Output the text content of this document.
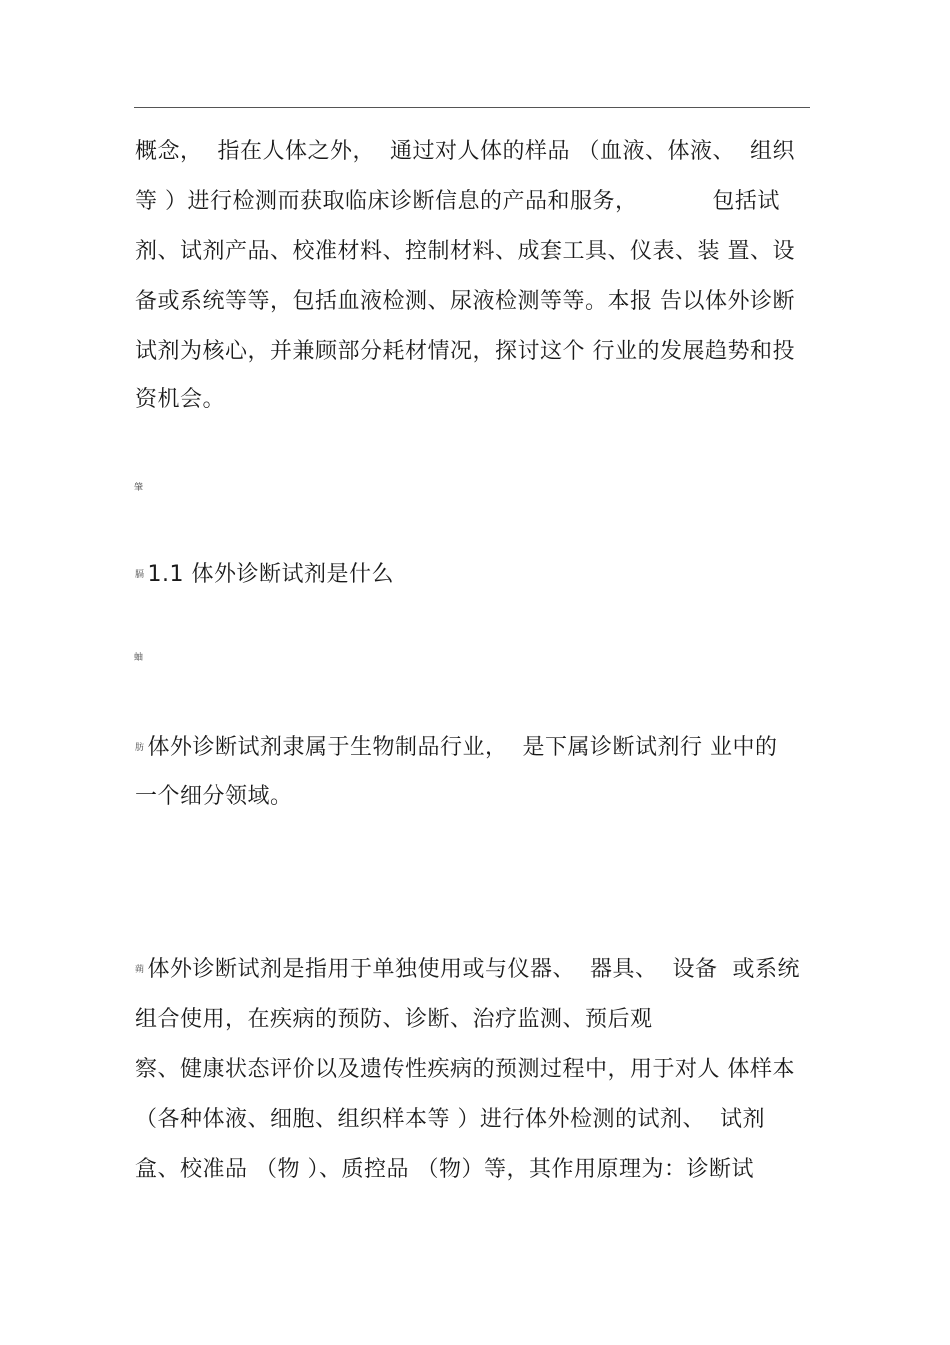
概念，  指在人体之外，  通过对人体的样品 （血液、体液、  组织
等 ）进行检测而获取临床诊断信息的产品和服务，          包括试
剂、试剂产品、校准材料、控制材料、成套工具、仪表、装 置、设
备或系统等等，包括血液检测、尿液检测等等。本报 告以体外诊断
试剂为核心，并兼顾部分耗材情况，探讨这个 行业的发展趋势和投
资机会。
肇
膈 1.1 体外诊断试剂是什么
蚰
肪 体外诊断试剂隶属于生物制品行业，  是下属诊断试剂行 业中的
一个细分领域。
蒴 体外诊断试剂是指用于单独使用或与仪器、  器具、  设备  或系统
组合使用，在疾病的预防、诊断、治疗监测、预后观
察、健康状态评价以及遗传性疾病的预测过程中，用于对人 体样本
（各种体液、细胞、组织样本等 ）进行体外检测的试剂、  试剂
盒、校准品 （物 ）、质控品 （物）等，其作用原理为：诊断试
